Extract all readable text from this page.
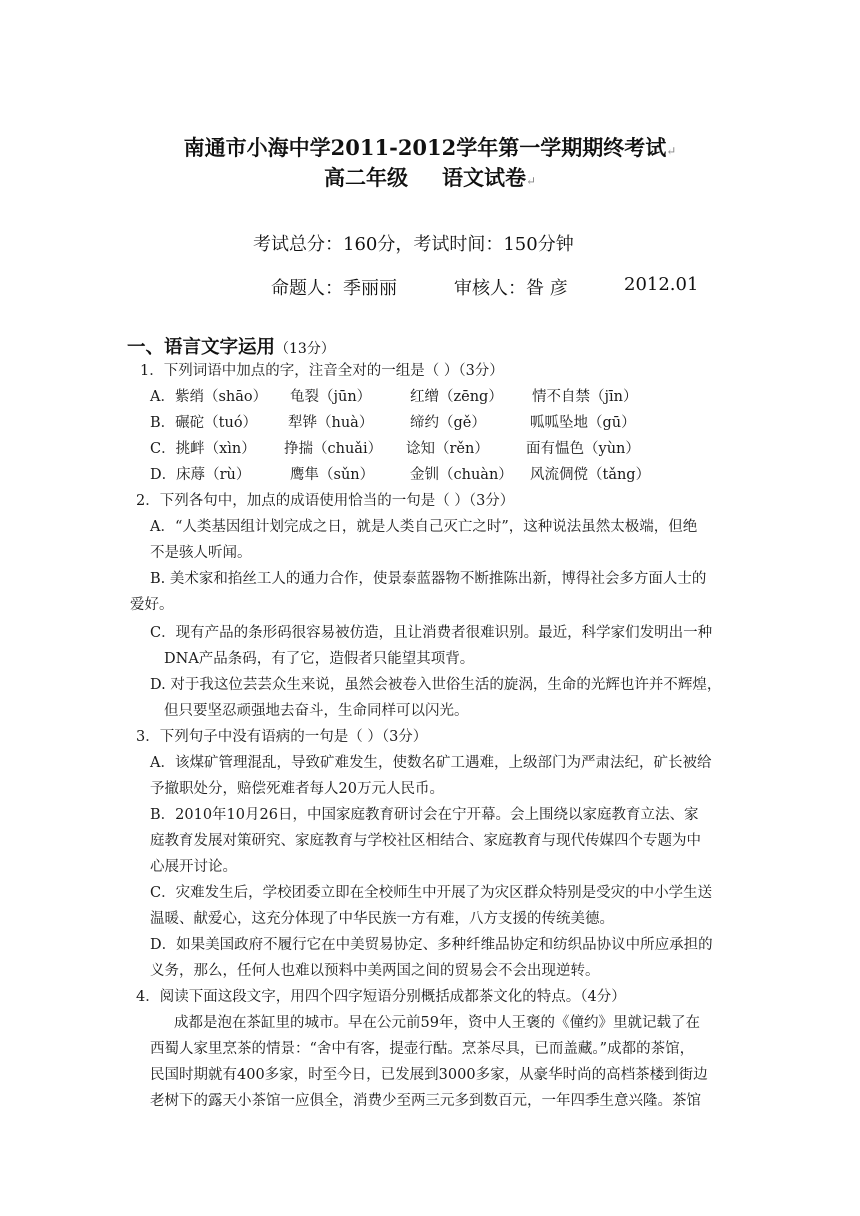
南通市小海中学2011-2012学年第一学期期终考试↵
高二年级 语文试卷↵
考试总分：160分，考试时间：150分钟
命题人：季丽丽	审核人：昝 彦	2012.01
一、语言文字运用（13分）
1．下列词语中加点的字，注音全对的一组是（ ）（3分）
A．紫绡（shāo） 龟裂（jūn）	红缯（zēng） 情不自禁（jīn）
B．碾砣（tuó） 犁铧（huà）	缔约（gě）	呱呱坠地（gū）
C．挑衅（xìn） 挣揣（chuǎi） 谂知（rěn）	面有愠色（yùn）
D．床蓐（rù）	鹰隼（sǔn） 金钏（chuàn） 风流倜傥（tǎng）
2．下列各句中，加点的成语使用恰当的一句是（ ）（3分）
A．“人类基因组计划完成之日，就是人类自己灭亡之时”，这种说法虽然太极端，但绝
不是骇人听闻。
B. 美术家和掐丝工人的通力合作，使景泰蓝器物不断推陈出新，博得社会多方面人士的
爱好。
C．现有产品的条形码很容易被仿造，且让消费者很难识别。最近，科学家们发明出一种
DNA产品条码，有了它，造假者只能望其项背。
D. 对于我这位芸芸众生来说，虽然会被卷入世俗生活的旋涡，生命的光辉也许并不辉煌，
但只要坚忍顽强地去奋斗，生命同样可以闪光。
3．下列句子中没有语病的一句是（ ）（3分）
A．该煤矿管理混乱，导致矿难发生，使数名矿工遇难，上级部门为严肃法纪，矿长被给
予撤职处分，赔偿死难者每人20万元人民币。
B．2010年10月26日，中国家庭教育研讨会在宁开幕。会上围绕以家庭教育立法、家
庭教育发展对策研究、家庭教育与学校社区相结合、家庭教育与现代传媒四个专题为中
心展开讨论。
C．灾难发生后，学校团委立即在全校师生中开展了为灾区群众特别是受灾的中小学生送
温暖、献爱心，这充分体现了中华民族一方有难，八方支援的传统美德。
D．如果美国政府不履行它在中美贸易协定、多种纤维品协定和纺织品协议中所应承担的
义务，那么，任何人也难以预料中美两国之间的贸易会不会出现逆转。
4．阅读下面这段文字，用四个四字短语分别概括成都茶文化的特点。（4分）
成都是泡在茶缸里的城市。早在公元前59年，资中人王褒的《僮约》里就记载了在
西蜀人家里烹茶的情景：“舍中有客，提壶行酤。烹茶尽具，已而盖藏。”成都的茶馆，
民国时期就有400多家，时至今日，已发展到3000多家，从豪华时尚的高档茶楼到街边
老树下的露天小茶馆一应俱全，消费少至两三元多到数百元，一年四季生意兴隆。茶馆
